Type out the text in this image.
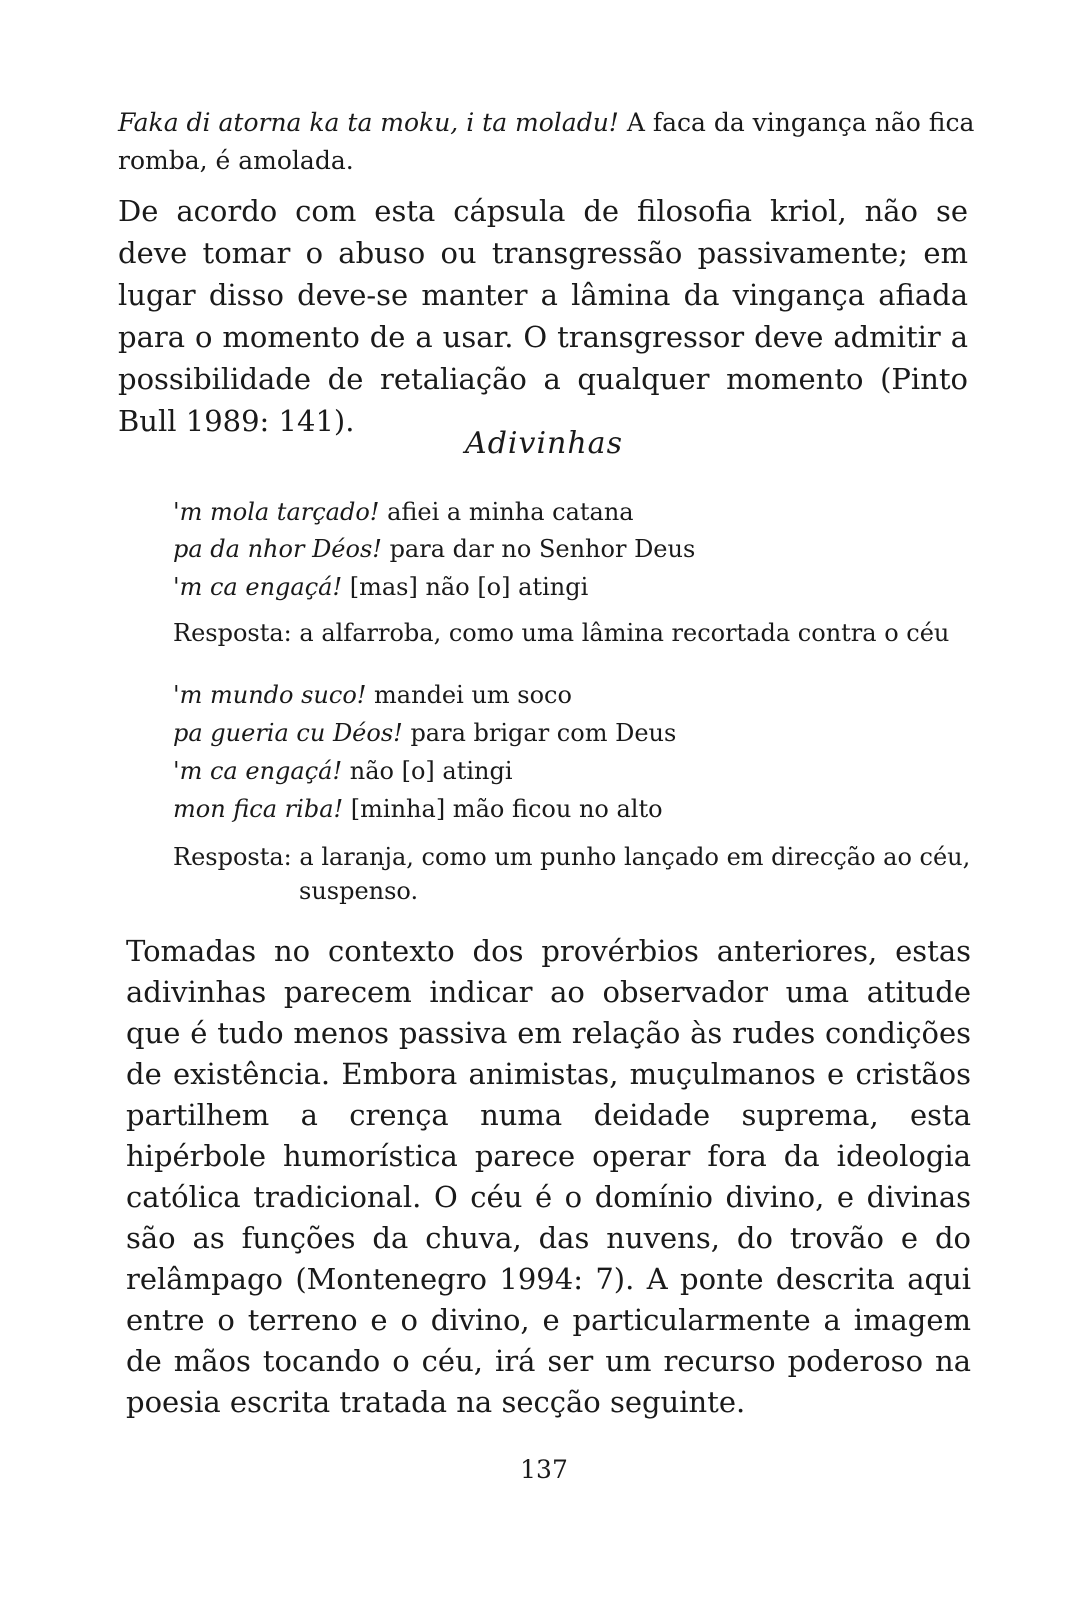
Faka di atorna ka ta moku, i ta moladu! A faca da vingança não fica romba, é amolada.

De acordo com esta cápsula de filosofia kriol, não se deve tomar o abuso ou transgressão passivamente; em lugar disso deve-se manter a lâmina da vingança afiada para o momento de a usar. O transgressor deve admitir a possibilidade de retaliação a qualquer momento (Pinto Bull 1989: 141).

Adivinhas
'm mola tarçado! afiei a minha catana
pa da nhor Déos! para dar no Senhor Deus
'm ca engaçá! [mas] não [o] atingi
Resposta: a alfarroba, como uma lâmina recortada contra o céu
'm mundo suco! mandei um soco
pa gueria cu Déos! para brigar com Deus
'm ca engaçá! não [o] atingi
mon fica riba! [minha] mão ficou no alto
Resposta: a laranja, como um punho lançado em direcção ao céu,
suspenso.

Tomadas no contexto dos provérbios anteriores, estas adivinhas parecem indicar ao observador uma atitude que é tudo menos passiva em relação às rudes condições de existência. Embora animistas, muçulmanos e cristãos partilhem a crença numa deidade suprema, esta hipérbole humorística parece operar fora da ideologia católica tradicional. O céu é o domínio divino, e divinas são as funções da chuva, das nuvens, do trovão e do relâmpago (Montenegro 1994: 7). A ponte descrita aqui entre o terreno e o divino, e particularmente a imagem de mãos tocando o céu, irá ser um recurso poderoso na poesia escrita tratada na secção seguinte.

137
